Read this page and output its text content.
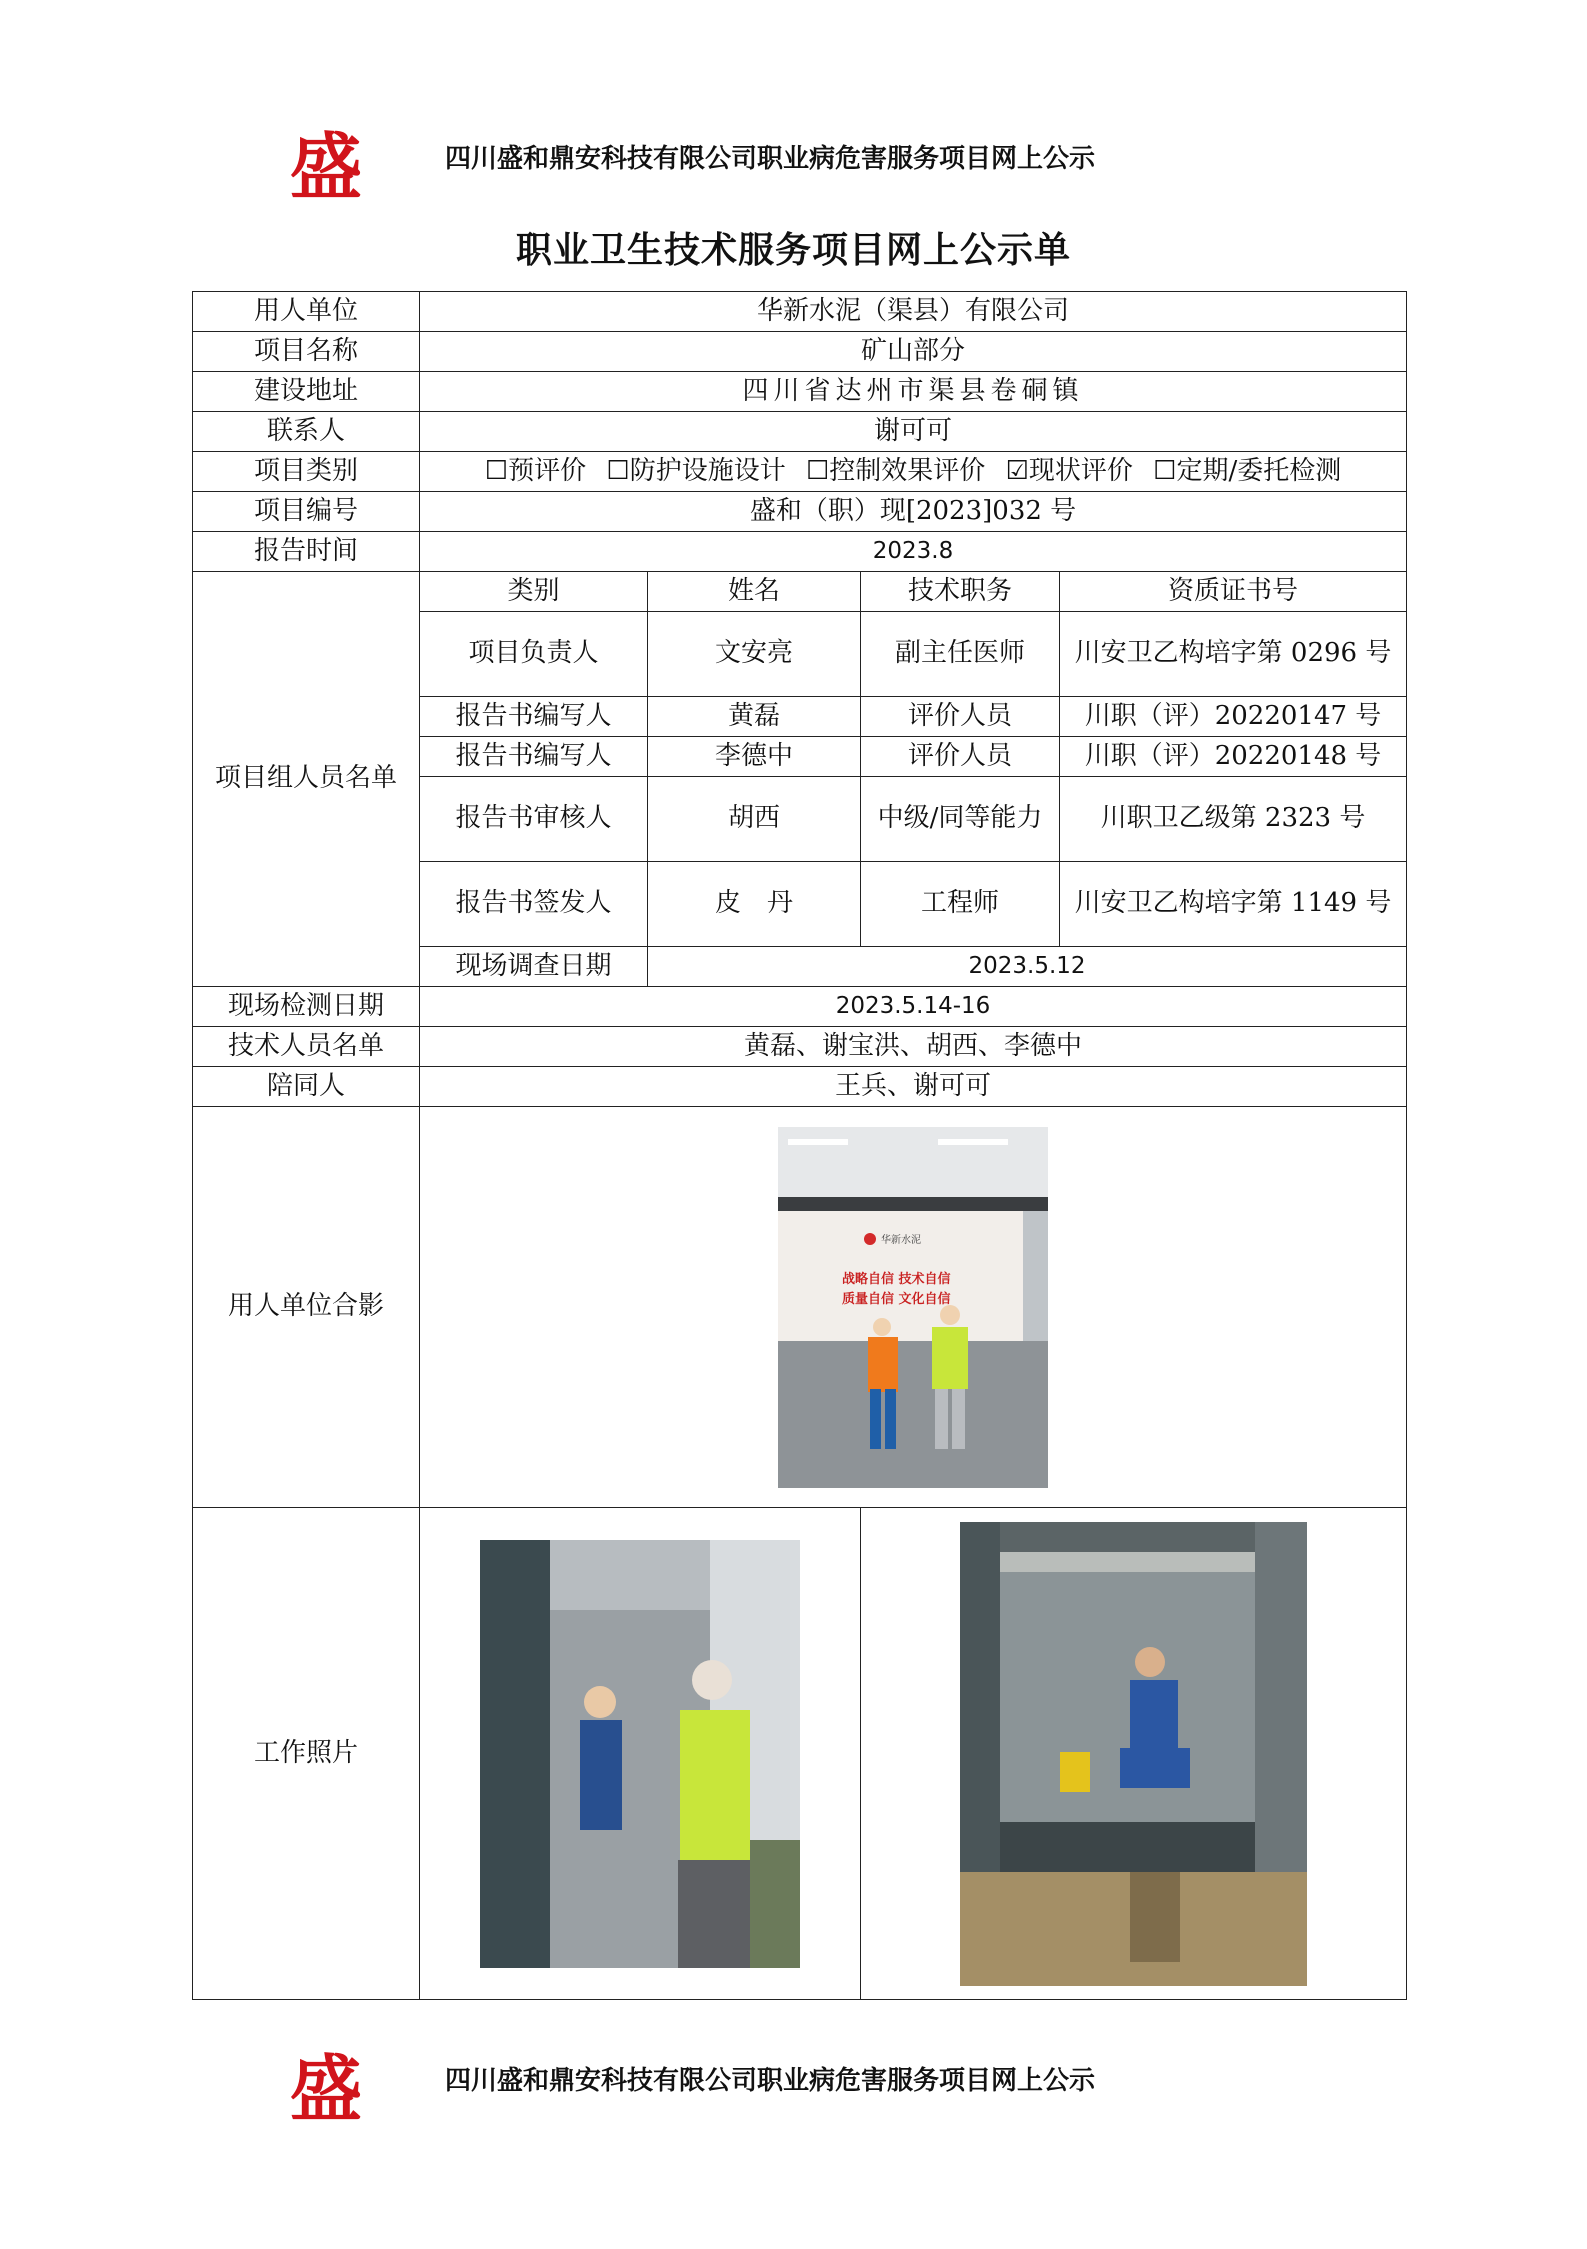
盛	四川盛和鼎安科技有限公司职业病危害服务项目网上公示
职业卫生技术服务项目网上公示单
用人单位	华新水泥（渠县）有限公司			
项目名称	矿山部分			
建设地址	四川省达州市渠县卷硐镇			
联系人	谢可可			
项目类别	☐预评价 ☐防护设施设计 ☐控制效果评价 ☑现状评价 ☐定期/委托检测			
项目编号	盛和（职）现[2023]032 号			
报告时间	2023.8			
项目组人员名单	类别	姓名	技术职务	资质证书号
	项目负责人	文安亮	副主任医师	川安卫乙构培字第 0296 号
	报告书编写人	黄磊	评价人员	川职（评）20220147 号
	报告书编写人	李德中	评价人员	川职（评）20220148 号
	报告书审核人	胡西	中级/同等能力	川职卫乙级第 2323 号
	报告书签发人	皮　丹	工程师	川安卫乙构培字第 1149 号
	现场调查日期	2023.5.12		
现场检测日期	2023.5.14-16			
技术人员名单	黄磊、谢宝洪、胡西、李德中			
陪同人	王兵、谢可可			
用人单位合影	华新水泥
战略自信 技术自信
质量自信 文化自信			

工作照片	

盛	四川盛和鼎安科技有限公司职业病危害服务项目网上公示
